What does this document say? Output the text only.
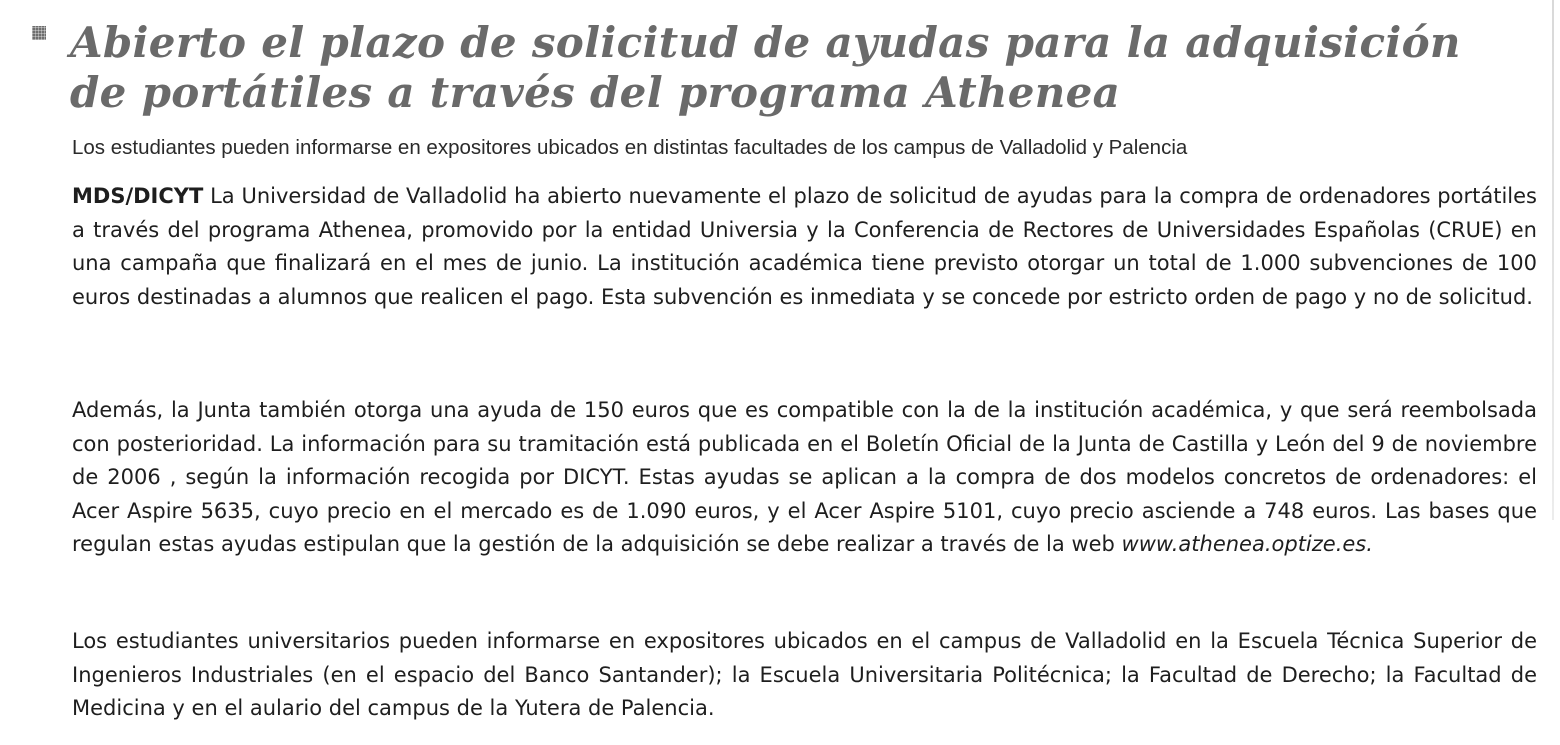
Abierto el plazo de solicitud de ayudas para la adquisición de portátiles a través del programa Athenea

Los estudiantes pueden informarse en expositores ubicados en distintas facultades de los campus de Valladolid y Palencia

MDS/DICYT La Universidad de Valladolid ha abierto nuevamente el plazo de solicitud de ayudas para la compra de ordenadores portátiles a través del programa Athenea, promovido por la entidad Universia y la Conferencia de Rectores de Universidades Españolas (CRUE) en una campaña que finalizará en el mes de junio. La institución académica tiene previsto otorgar un total de 1.000 subvenciones de 100 euros destinadas a alumnos que realicen el pago. Esta subvención es inmediata y se concede por estricto orden de pago y no de solicitud.

Además, la Junta también otorga una ayuda de 150 euros que es compatible con la de la institución académica, y que será reembolsada con posterioridad. La información para su tramitación está publicada en el Boletín Oficial de la Junta de Castilla y León del 9 de noviembre de 2006 , según la información recogida por DICYT. Estas ayudas se aplican a la compra de dos modelos concretos de ordenadores: el Acer Aspire 5635, cuyo precio en el mercado es de 1.090 euros, y el Acer Aspire 5101, cuyo precio asciende a 748 euros. Las bases que regulan estas ayudas estipulan que la gestión de la adquisición se debe realizar a través de la web www.athenea.optize.es.

Los estudiantes universitarios pueden informarse en expositores ubicados en el campus de Valladolid en la Escuela Técnica Superior de Ingenieros Industriales (en el espacio del Banco Santander); la Escuela Universitaria Politécnica; la Facultad de Derecho; la Facultad de Medicina y en el aulario del campus de la Yutera de Palencia.
